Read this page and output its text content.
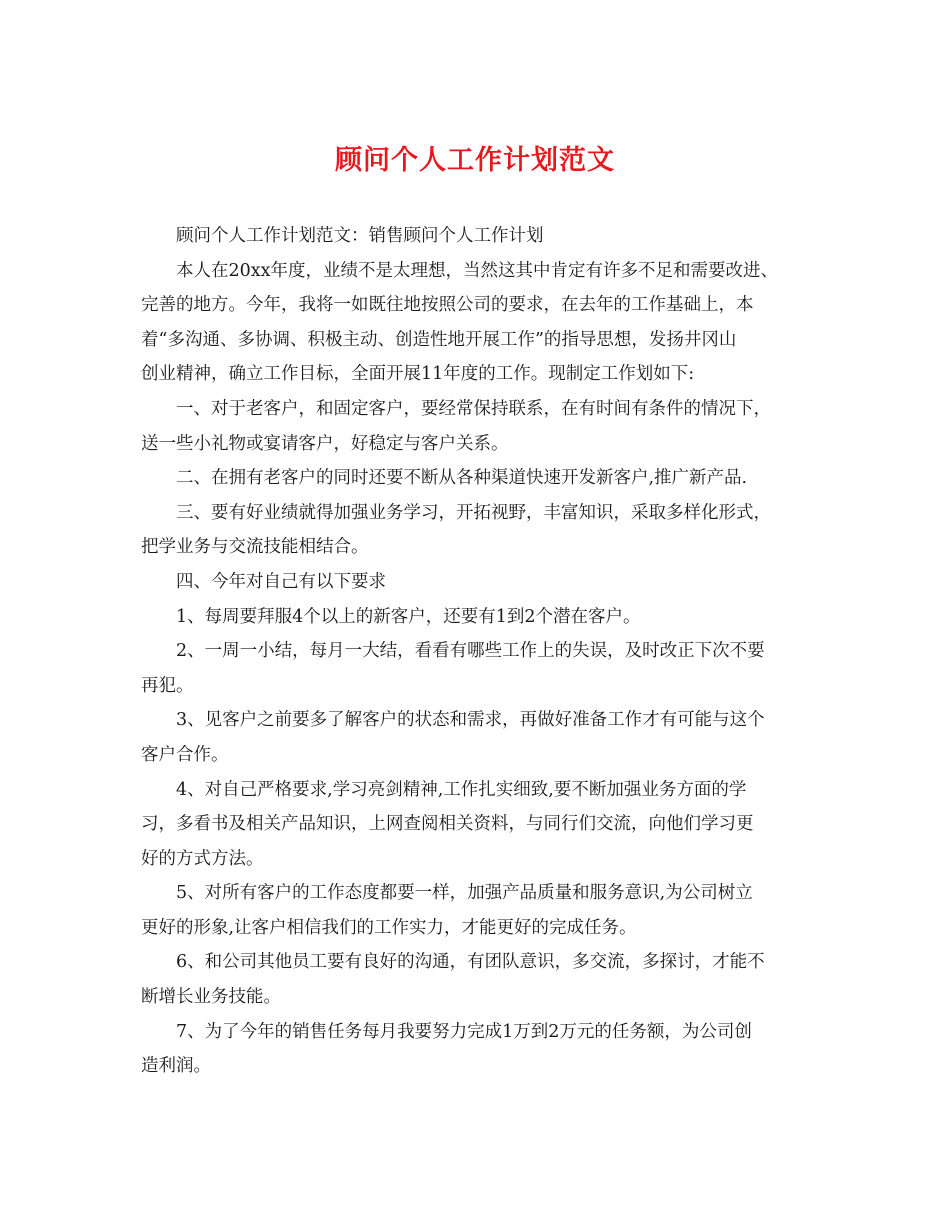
顾问个人工作计划范文
顾问个人工作计划范文：销售顾问个人工作计划
本人在20xx年度，业绩不是太理想，当然这其中肯定有许多不足和需要改进、
完善的地方。今年，我将一如既往地按照公司的要求，在去年的工作基础上，本
着“多沟通、多协调、积极主动、创造性地开展工作”的指导思想，发扬井冈山
创业精神，确立工作目标，全面开展11年度的工作。现制定工作划如下:
一、对于老客户，和固定客户，要经常保持联系，在有时间有条件的情况下，
送一些小礼物或宴请客户，好稳定与客户关系。
二、在拥有老客户的同时还要不断从各种渠道快速开发新客户,推广新产品.
三、要有好业绩就得加强业务学习，开拓视野，丰富知识，采取多样化形式，
把学业务与交流技能相结合。
四、今年对自己有以下要求
1、每周要拜服4个以上的新客户，还要有1到2个潜在客户。
2、一周一小结，每月一大结，看看有哪些工作上的失误，及时改正下次不要
再犯。
3、见客户之前要多了解客户的状态和需求，再做好准备工作才有可能与这个
客户合作。
4、对自己严格要求,学习亮剑精神,工作扎实细致,要不断加强业务方面的学
习，多看书及相关产品知识，上网查阅相关资料，与同行们交流，向他们学习更
好的方式方法。
5、对所有客户的工作态度都要一样，加强产品质量和服务意识,为公司树立
更好的形象,让客户相信我们的工作实力，才能更好的完成任务。
6、和公司其他员工要有良好的沟通，有团队意识，多交流，多探讨，才能不
断增长业务技能。
7、为了今年的销售任务每月我要努力完成1万到2万元的任务额，为公司创
造利润。
